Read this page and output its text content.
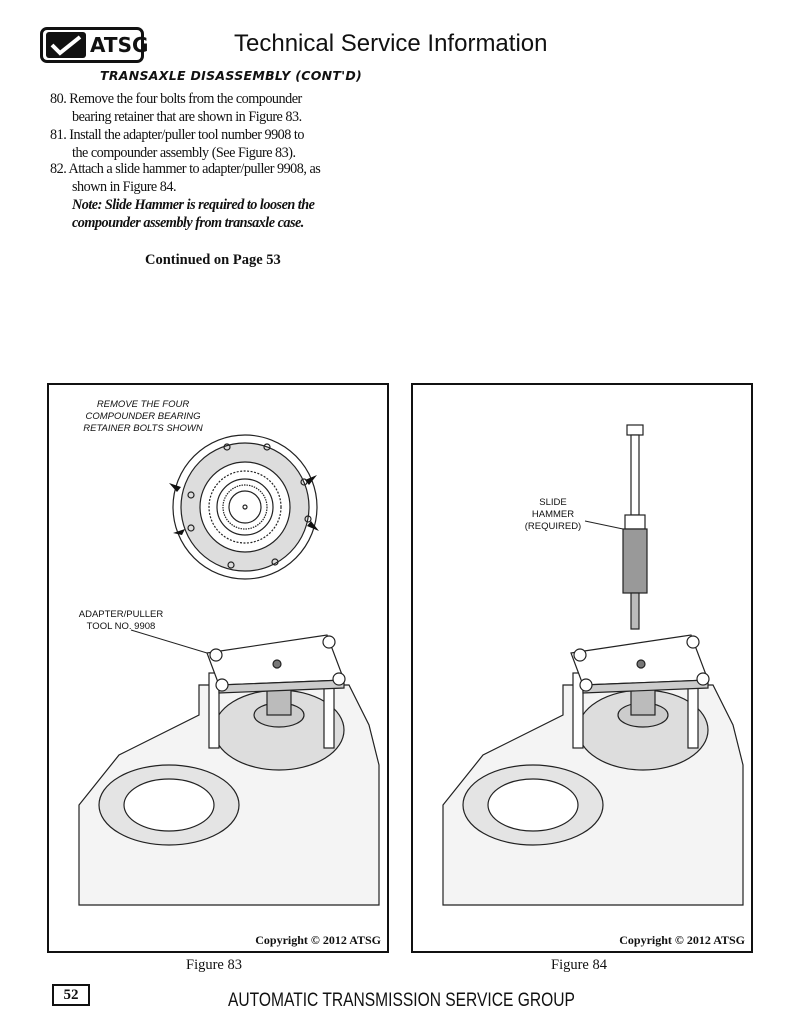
ATSG	Technical Service Information
TRANSAXLE DISASSEMBLY (CONT'D)
80. Remove the four bolts from the compounder
bearing retainer that are shown in Figure 83.
81. Install the adapter/puller tool number 9908 to
the compounder assembly (See Figure 83).
82. Attach a slide hammer to adapter/puller 9908, as
shown in Figure 84.
Note: Slide Hammer is required to loosen the
compounder assembly from transaxle case.
Continued on Page 53
REMOVE THE FOUR
COMPOUNDER BEARING
RETAINER BOLTS SHOWN
ADAPTER/PULLER
TOOL NO. 9908
Copyright © 2012 ATSG
SLIDE
HAMMER
(REQUIRED)
Copyright © 2012 ATSG
Figure 83	Figure 84
52	AUTOMATIC TRANSMISSION SERVICE GROUP
